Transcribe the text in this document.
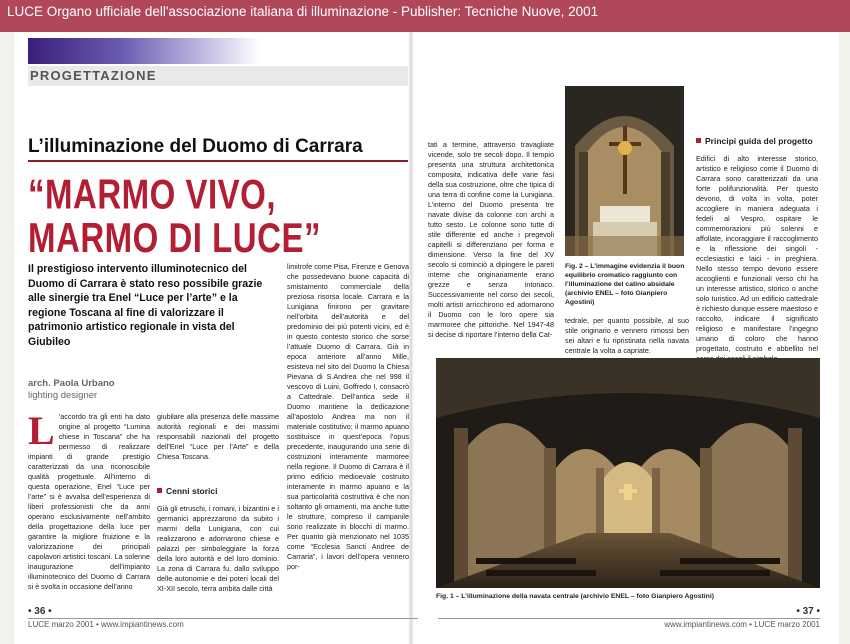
LUCE Organo ufficiale dell'associazione italiana di illuminazione - Publisher: Tecniche Nuove, 2001
PROGETTAZIONE
L’illuminazione del Duomo di Carrara
“MARMO VIVO,
MARMO DI LUCE”
Il prestigioso intervento illuminotecnico del Duomo di Carrara è stato reso possibile grazie alle sinergie tra Enel “Luce per l’arte” e la regione Toscana al fine di valorizzare il patrimonio artistico regionale in vista del Giubileo
arch. Paola Urbano
lighting designer
L ’accordo tra gli enti ha dato origine al progetto “Lumina chiese in Toscana” che ha permesso di realizzare impianti di grande prestigio caratterizzati da una riconoscibile qualità progettuale. All’interno di questa operazione, Enel “Luce per l’arte” si è avvalsa dell’esperienza di liberi professionisti che da anni operano esclusivamente nell’ambito della progettazione della luce per garantire la migliore fruizione e la valorizzazione dei principali capolavori artistici toscani. La solenne inaugurazione dell’impianto illuminotecnico del Duomo di Carrara si è svolta in occasione dell’anno
giubilare alla presenza delle massime autorità regionali e dei massimi responsabili nazionali del progetto dell’Enel “Luce per l’Arte” e della Chiesa Toscana.
Cenni storici
Già gli etruschi, i romani, i bizantini e i germanici apprezzarono da subito i marmi della Lunigiana, con cui realizzarono e adornarono chiese e palazzi per simboleggiare la forza della loro autorità e del loro dominio. La zona di Carrara fu, dallo sviluppo delle autonomie e dei poteri locali del XI-XII secolo, terra ambita dalle città
limitrofe come Pisa, Firenze e Genova che possedevano buone capacità di smistamento commerciale della preziosa risorsa locale. Carrara e la Lunigiana finirono per gravitare nell’orbita dell’autorità e del predominio dei più potenti vicini, ed è in questo contesto storico che sorse l’attuale Duomo di Carrara. Già in epoca anteriore all’anno Mille, esisteva nel sito del Duomo la Chiesa Pievana di S.Andrea che nel 998 il vescovo di Luini, Goffredo I, consacrò a Cattedrale. Dell’antica sede il Duomo mantiene la dedicazione all’apostolo Andrea ma non il materiale costitutivo: il marmo apuano sostituisce in quest’epoca l’opus precedente, inaugurando una serie di costruzioni interamente marmoree nella regione. Il Duomo di Carrara è il primo edificio medioevale costruito interamente in marmo apuano e la sua particolarità costruttiva è che non soltanto gli ornamenti, ma anche tutte le strutture, compreso il campanile sono realizzate in blocchi di marmo. Per quanto già menzionato nel 1035 come “Ecclesia Sancti Andree de Carraria”, i lavori dell’opera vennero por-
• 36 •
LUCE marzo 2001 • www.impiantinews.com
tati a termine, attraverso travagliate vicende, solo tre secoli dopo. Il tempio presenta una struttura architettonica composita, indicativa delle varie fasi della sua costruzione, oltre che tipica di una terra di confine come la Lunigiana. L’interno del Duomo presenta tre navate divise da colonne con archi a tutto sesto. Le colonne sono tutte di stile differente ed anche i pregevoli capitelli si differenziano per forma e dimensione. Verso la fine del XV secolo si cominciò a dipingere le pareti interne che originariamente erano grezze e senza intonaco. Successivamente nel corso dei secoli, molti artisti arricchirono ed adornarono il Duomo con le loro opere sia marmoree che pittoriche. Nel 1947-48 si decise di riportare l’interno della Cat-
Fig. 2 – L’immagine evidenzia il buon equilibrio cromatico raggiunto con l’illuminazione del catino absidale (archivio ENEL – foto Gianpiero Agostini)
tedrale, per quanto possibile, al suo stile originario e vennero rimossi ben sei altari e fu ripristinata nella navata centrale la volta a capriate.
Principi guida del progetto
Edifici di alto interesse storico, artistico e religioso come il Duomo di Carrara sono caratterizzati da una forte polifunzionalità. Per questo devono, di volta in volta, poter accogliere in maniera adeguata i fedeli al Vespro, ospitare le commemorazioni più solenni e affollate, incoraggiare il raccoglimento e la riflessione dei singoli - ecclesiastici e laici - in preghiera. Nello stesso tempo devono essere accoglienti e funzionali verso chi ha un interesse artistico, storico o anche solo turistico. Ad un edificio cattedrale è richiesto dunque essere maestoso e raccolto, indicare il significato religioso e manifestare l’ingegno umano di coloro che hanno progettato, costruito e abbellito nel
Fig. 1 – L’illuminazione della navata centrale (archivio ENEL – foto Gianpiero Agostini)
• 37 •
www.impiantinews.com • LUCE marzo 2001
